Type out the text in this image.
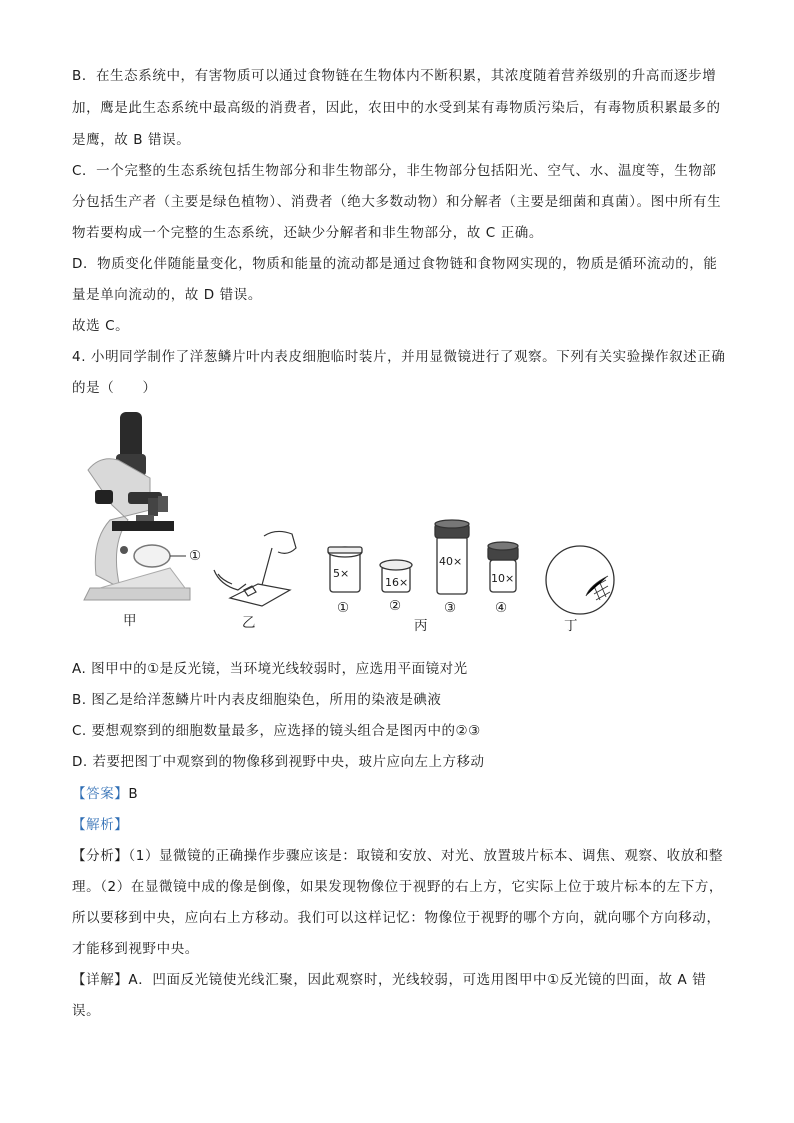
B．在生态系统中，有害物质可以通过食物链在生物体内不断积累，其浓度随着营养级别的升高而逐步增
加，鹰是此生态系统中最高级的消费者，因此，农田中的水受到某有毒物质污染后，有毒物质积累最多的
是鹰，故 B 错误。
C．一个完整的生态系统包括生物部分和非生物部分，非生物部分包括阳光、空气、水、温度等，生物部
分包括生产者（主要是绿色植物）、消费者（绝大多数动物）和分解者（主要是细菌和真菌）。图中所有生
物若要构成一个完整的生态系统，还缺少分解者和非生物部分，故 C 正确。
D．物质变化伴随能量变化，物质和能量的流动都是通过食物链和食物网实现的，物质是循环流动的，能
量是单向流动的，故 D 错误。
故选 C。
4. 小明同学制作了洋葱鳞片叶内表皮细胞临时装片，并用显微镜进行了观察。下列有关实验操作叙述正确
的是（　　）
①
5×
16×
40×
10×
①	②	③	④
甲	乙	丙	丁
A. 图甲中的①是反光镜，当环境光线较弱时，应选用平面镜对光
B. 图乙是给洋葱鳞片叶内表皮细胞染色，所用的染液是碘液
C. 要想观察到的细胞数量最多，应选择的镜头组合是图丙中的②③
D. 若要把图丁中观察到的物像移到视野中央，玻片应向左上方移动
【答案】B
【解析】
【分析】（1）显微镜的正确操作步骤应该是：取镜和安放、对光、放置玻片标本、调焦、观察、收放和整
理。（2）在显微镜中成的像是倒像，如果发现物像位于视野的右上方，它实际上位于玻片标本的左下方，
所以要移到中央，应向右上方移动。我们可以这样记忆：物像位于视野的哪个方向，就向哪个方向移动，
才能移到视野中央。
【详解】A．凹面反光镜使光线汇聚，因此观察时，光线较弱，可选用图甲中①反光镜的凹面，故 A 错
误。
